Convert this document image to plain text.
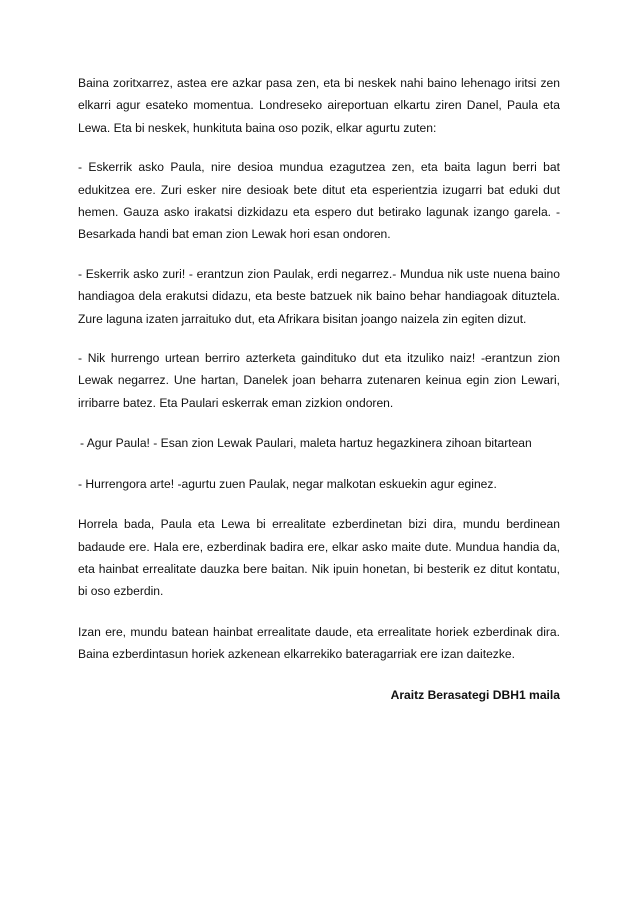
Baina zoritxarrez, astea ere azkar pasa zen, eta bi neskek nahi baino lehenago iritsi zen elkarri agur esateko momentua. Londreseko aireportuan elkartu ziren Danel, Paula eta Lewa. Eta bi neskek, hunkituta baina oso pozik, elkar agurtu zuten:

- Eskerrik asko Paula, nire desioa mundua ezagutzea zen, eta baita lagun berri bat edukitzea ere. Zuri esker nire desioak bete ditut eta esperientzia izugarri bat eduki dut hemen. Gauza asko irakatsi dizkidazu eta espero dut betirako lagunak izango garela. -Besarkada handi bat eman zion Lewak hori esan ondoren.

- Eskerrik asko zuri! - erantzun zion Paulak, erdi negarrez.- Mundua nik uste nuena baino handiagoa dela erakutsi didazu, eta beste batzuek nik baino behar handiagoak dituztela. Zure laguna izaten jarraituko dut, eta Afrikara bisitan joango naizela zin egiten dizut.

- Nik hurrengo urtean berriro azterketa gaindituko dut eta itzuliko naiz! -erantzun zion Lewak negarrez. Une hartan, Danelek joan beharra zutenaren keinua egin zion Lewari, irribarre batez. Eta Paulari eskerrak eman zizkion ondoren.

- Agur Paula! - Esan zion Lewak Paulari, maleta hartuz hegazkinera zihoan bitartean

- Hurrengora arte! -agurtu zuen Paulak, negar malkotan eskuekin agur eginez.

Horrela bada, Paula eta Lewa bi errealitate ezberdinetan bizi dira, mundu berdinean badaude ere. Hala ere, ezberdinak badira ere, elkar asko maite dute. Mundua handia da, eta hainbat errealitate dauzka bere baitan. Nik ipuin honetan, bi besterik ez ditut kontatu, bi oso ezberdin.

Izan ere, mundu batean hainbat errealitate daude, eta errealitate horiek ezberdinak dira. Baina ezberdintasun horiek azkenean elkarrekiko bateragarriak ere izan daitezke.

Araitz Berasategi DBH1 maila
